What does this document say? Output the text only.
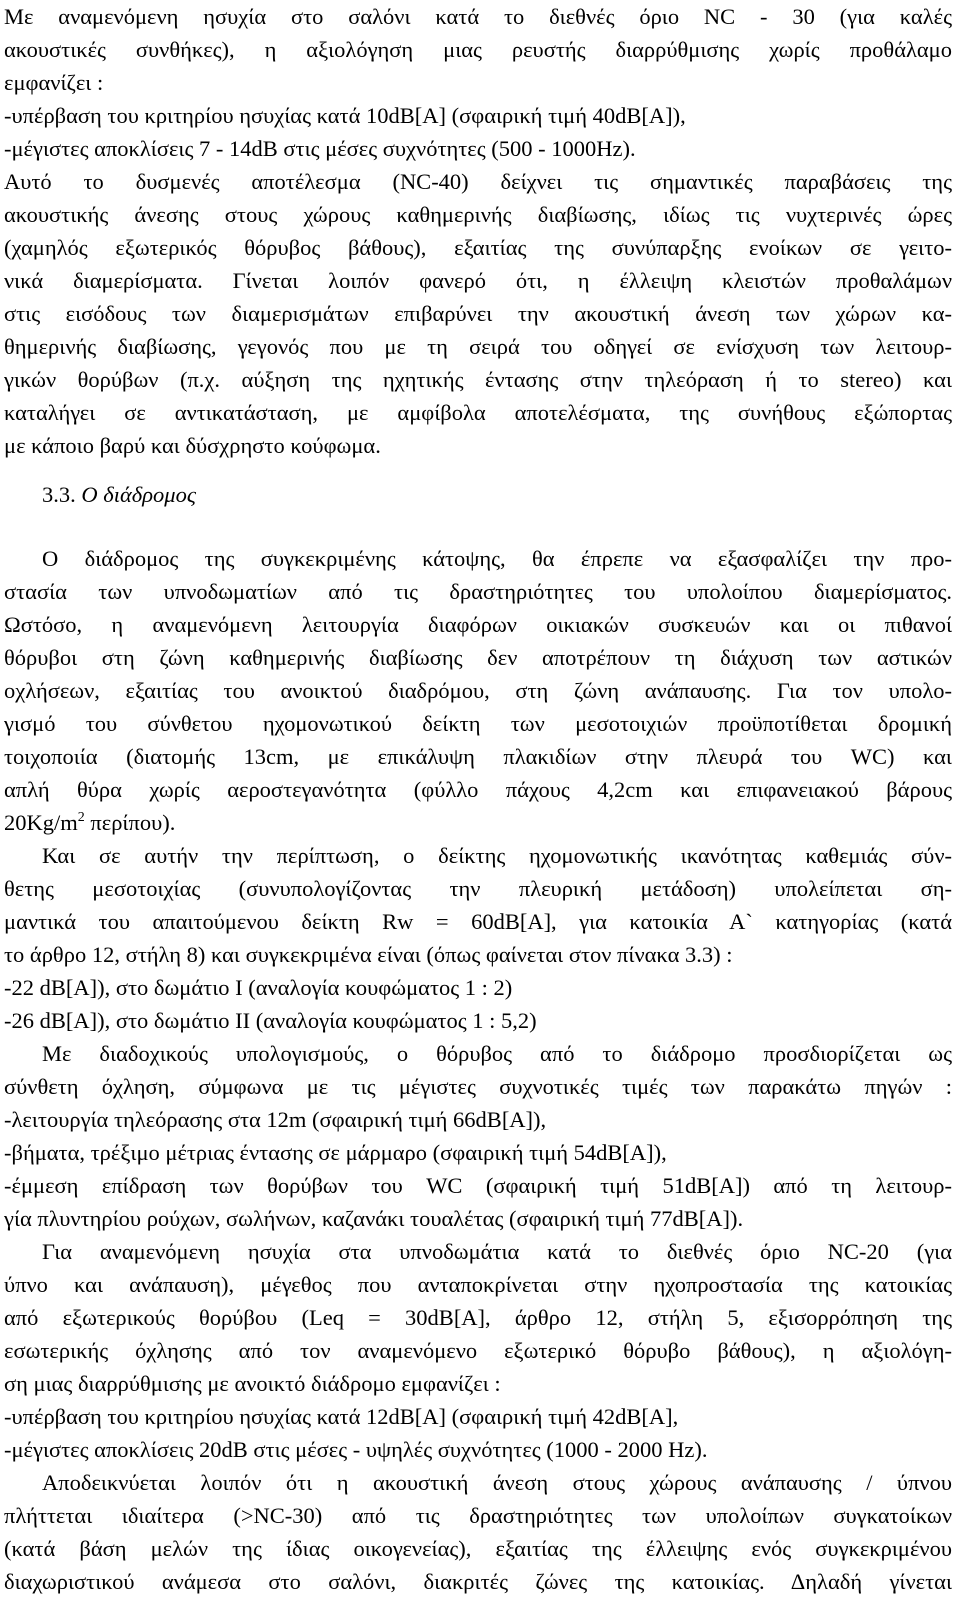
Με αναμενόμενη ησυχία στο σαλόνι κατά το διεθνές όριο NC - 30 (για καλές
ακουστικές συνθήκες), η αξιολόγηση μιας ρευστής διαρρύθμισης χωρίς προθάλαμο
εμφανίζει :
-υπέρβαση του κριτηρίου ησυχίας κατά 10dB[A] (σφαιρική τιμή 40dB[A]),
-μέγιστες αποκλίσεις 7 - 14dB στις μέσες συχνότητες (500 - 1000Hz).
Αυτό το δυσμενές αποτέλεσμα (NC-40) δείχνει τις σημαντικές παραβάσεις της
ακουστικής άνεσης στους χώρους καθημερινής διαβίωσης, ιδίως τις νυχτερινές ώρες
(χαμηλός εξωτερικός θόρυβος βάθους), εξαιτίας της συνύπαρξης ενοίκων σε γειτο-
νικά διαμερίσματα. Γίνεται λοιπόν φανερό ότι, η έλλειψη κλειστών προθαλάμων
στις εισόδους των διαμερισμάτων επιβαρύνει την ακουστική άνεση των χώρων κα-
θημερινής διαβίωσης, γεγονός που με τη σειρά του οδηγεί σε ενίσχυση των λειτουρ-
γικών θορύβων (π.χ. αύξηση της ηχητικής έντασης στην τηλεόραση ή το stereo) και
καταλήγει σε αντικατάσταση, με αμφίβολα αποτελέσματα, της συνήθους εξώπορτας
με κάποιο βαρύ και δύσχρηστο κούφωμα.
3.3. Ο διάδρομος
Ο διάδρομος της συγκεκριμένης κάτοψης, θα έπρεπε να εξασφαλίζει την προ-
στασία των υπνοδωματίων από τις δραστηριότητες του υπολοίπου διαμερίσματος.
Ωστόσο, η αναμενόμενη λειτουργία διαφόρων οικιακών συσκευών και οι πιθανοί
θόρυβοι στη ζώνη καθημερινής διαβίωσης δεν αποτρέπουν τη διάχυση των αστικών
οχλήσεων, εξαιτίας του ανοικτού διαδρόμου, στη ζώνη ανάπαυσης. Για τον υπολο-
γισμό του σύνθετου ηχομονωτικού δείκτη των μεσοτοιχιών προϋποτίθεται δρομική
τοιχοποιία (διατομής 13cm, με επικάλυψη πλακιδίων στην πλευρά του WC) και
απλή θύρα χωρίς αεροστεγανότητα (φύλλο πάχους 4,2cm και επιφανειακού βάρους
$20Kg/m^2$ περίπου).
Και σε αυτήν την περίπτωση, ο δείκτης ηχομονωτικής ικανότητας καθεμιάς σύν-
θετης μεσοτοιχίας (συνυπολογίζοντας την πλευρική μετάδοση) υπολείπεται ση-
μαντικά του απαιτούμενου δείκτη Rw = 60dB[A], για κατοικία Α` κατηγορίας (κατά
το άρθρο 12, στήλη 8) και συγκεκριμένα είναι (όπως φαίνεται στον πίνακα 3.3) :
-22 dB[A]), στο δωμάτιο Ι (αναλογία κουφώματος 1 : 2)
-26 dB[A]), στο δωμάτιο ΙΙ (αναλογία κουφώματος 1 : 5,2)
Με διαδοχικούς υπολογισμούς, ο θόρυβος από το διάδρομο προσδιορίζεται ως
σύνθετη όχληση, σύμφωνα με τις μέγιστες συχνοτικές τιμές των παρακάτω πηγών :
-λειτουργία τηλεόρασης στα 12m (σφαιρική τιμή 66dB[A]),
-βήματα, τρέξιμο μέτριας έντασης σε μάρμαρο (σφαιρική τιμή 54dB[A]),
-έμμεση επίδραση των θορύβων του WC (σφαιρική τιμή 51dB[A]) από τη λειτουρ-
γία πλυντηρίου ρούχων, σωλήνων, καζανάκι τουαλέτας (σφαιρική τιμή 77dB[A]).
Για αναμενόμενη ησυχία στα υπνοδωμάτια κατά το διεθνές όριο NC-20 (για
ύπνο και ανάπαυση), μέγεθος που ανταποκρίνεται στην ηχοπροστασία της κατοικίας
από εξωτερικούς θορύβου (Leq = 30dB[A], άρθρο 12, στήλη 5, εξισορρόπηση της
εσωτερικής όχλησης από τον αναμενόμενο εξωτερικό θόρυβο βάθους), η αξιολόγη-
ση μιας διαρρύθμισης με ανοικτό διάδρομο εμφανίζει :
-υπέρβαση του κριτηρίου ησυχίας κατά 12dB[A] (σφαιρική τιμή 42dB[A],
-μέγιστες αποκλίσεις 20dB στις μέσες - υψηλές συχνότητες (1000 - 2000 Hz).
Αποδεικνύεται λοιπόν ότι η ακουστική άνεση στους χώρους ανάπαυσης / ύπνου
πλήττεται ιδιαίτερα (>NC-30) από τις δραστηριότητες των υπολοίπων συγκατοίκων
(κατά βάση μελών της ίδιας οικογενείας), εξαιτίας της έλλειψης ενός συγκεκριμένου
διαχωριστικού ανάμεσα στο σαλόνι, διακριτές ζώνες της κατοικίας. Δηλαδή γίνεται
